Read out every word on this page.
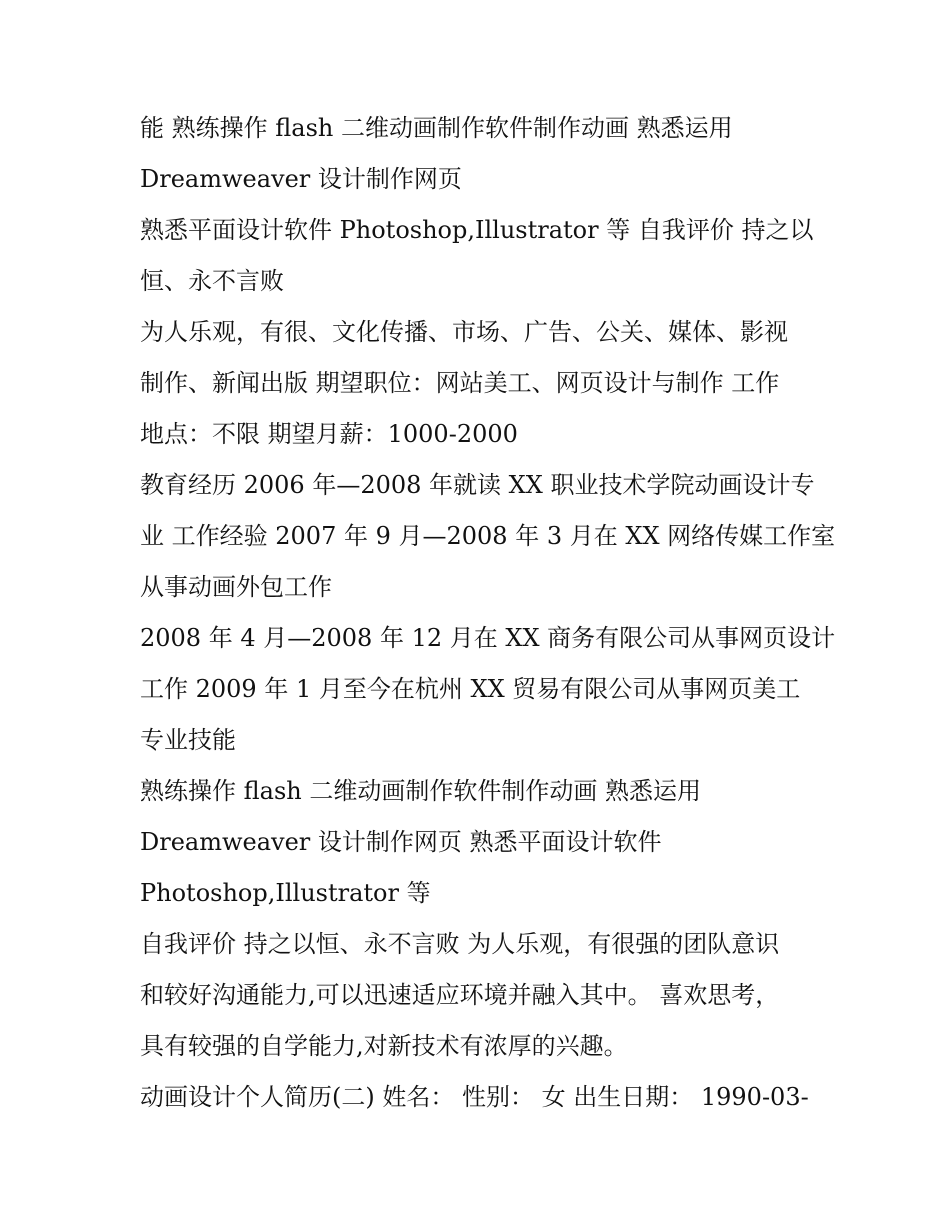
能 熟练操作 flash 二维动画制作软件制作动画 熟悉运用
Dreamweaver 设计制作网页
熟悉平面设计软件 Photoshop,Illustrator 等 自我评价 持之以
恒、永不言败
为人乐观，有很、文化传播、市场、广告、公关、媒体、影视
制作、新闻出版 期望职位：网站美工、网页设计与制作 工作
地点：不限 期望月薪：1000-2000
教育经历 2006 年—2008 年就读 XX 职业技术学院动画设计专
业 工作经验 2007 年 9 月—2008 年 3 月在 XX 网络传媒工作室
从事动画外包工作
2008 年 4 月—2008 年 12 月在 XX 商务有限公司从事网页设计
工作 2009 年 1 月至今在杭州 XX 贸易有限公司从事网页美工
专业技能
熟练操作 flash 二维动画制作软件制作动画 熟悉运用
Dreamweaver 设计制作网页 熟悉平面设计软件
Photoshop,Illustrator 等
自我评价 持之以恒、永不言败 为人乐观，有很强的团队意识
和较好沟通能力,可以迅速适应环境并融入其中。 喜欢思考，
具有较强的自学能力,对新技术有浓厚的兴趣。
动画设计个人简历(二) 姓名： 性别： 女 出生日期： 1990-03-
